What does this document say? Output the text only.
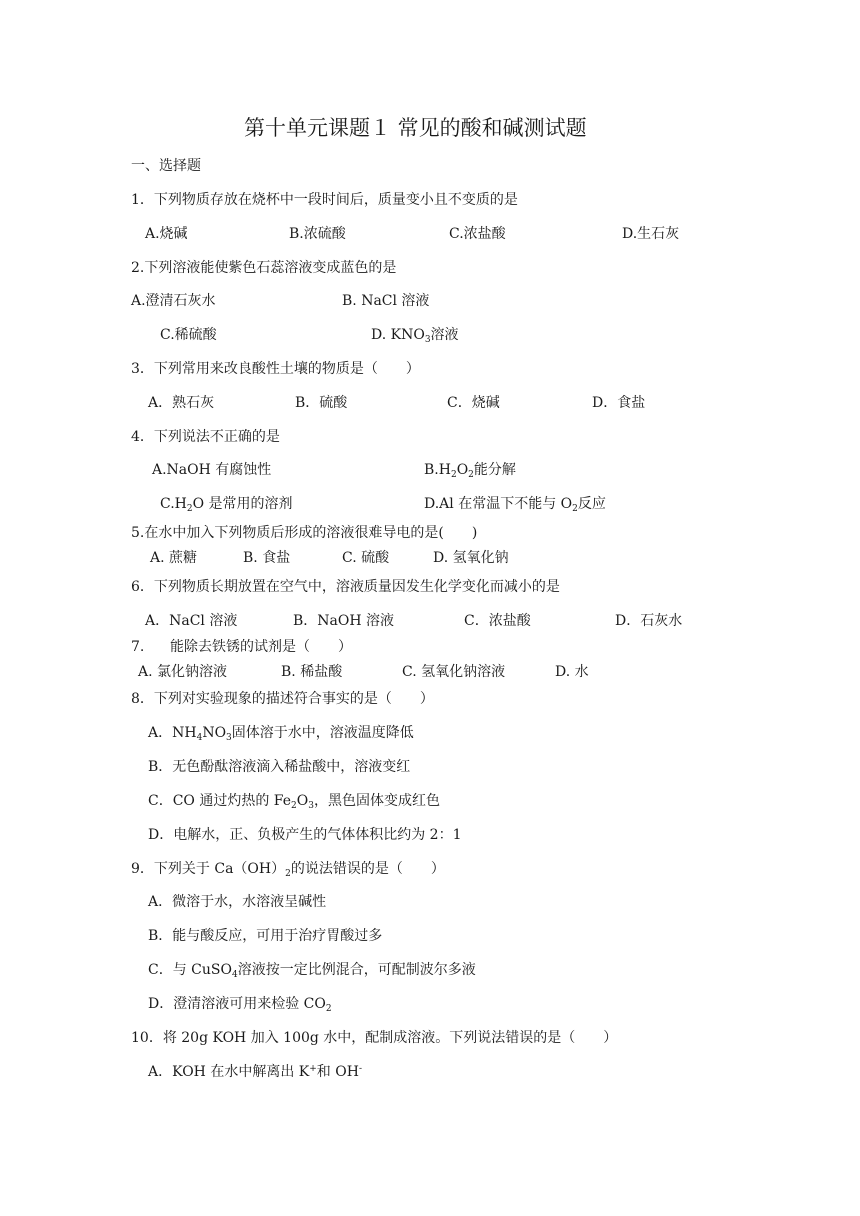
第十单元课题１ 常见的酸和碱测试题
一、选择题
1．下列物质存放在烧杯中一段时间后，质量变小且不变质的是
A.烧碱	B.浓硫酸	C.浓盐酸	D.生石灰
2.下列溶液能使紫色石蕊溶液变成蓝色的是
A.澄清石灰水	B. NaCl 溶液
C.稀硫酸	D. $KNO_3$溶液
3．下列常用来改良酸性土壤的物质是（　　）
A．熟石灰	B．硫酸	C．烧碱	D．食盐
4．下列说法不正确的是
A.NaOH 有腐蚀性	$B.H_2O_2$能分解
$C.H_2O$ 是常用的溶剂	D.Al 在常温下不能与 $O_2$反应
5.在水中加入下列物质后形成的溶液很难导电的是(　　)
A. 蔗糖	B. 食盐	C. 硫酸	D. 氢氧化钠
6．下列物质长期放置在空气中，溶液质量因发生化学变化而减小的是
A．NaCl 溶液	B．NaOH 溶液	C．浓盐酸	D．石灰水
7. 能除去铁锈的试剂是（　　）
A. 氯化钠溶液	B. 稀盐酸	C. 氢氧化钠溶液	D. 水
8．下列对实验现象的描述符合事实的是（　　）
A．$NH_4NO_3$固体溶于水中，溶液温度降低
B．无色酚酞溶液滴入稀盐酸中，溶液变红
C．CO 通过灼热的 $Fe_2O_3$，黑色固体变成红色
D．电解水，正、负极产生的气体体积比约为 2：1
9．下列关于 $Ca(OH)_2$的说法错误的是（　　）
A．微溶于水，水溶液呈碱性
B．能与酸反应，可用于治疗胃酸过多
C．与 CuSO$_4$溶液按一定比例混合，可配制波尔多液
D．澄清溶液可用来检验 $CO_2$
10．将 20g KOH 加入 100g 水中，配制成溶液。下列说法错误的是（　　）
A．KOH 在水中解离出 K+和 OH-
